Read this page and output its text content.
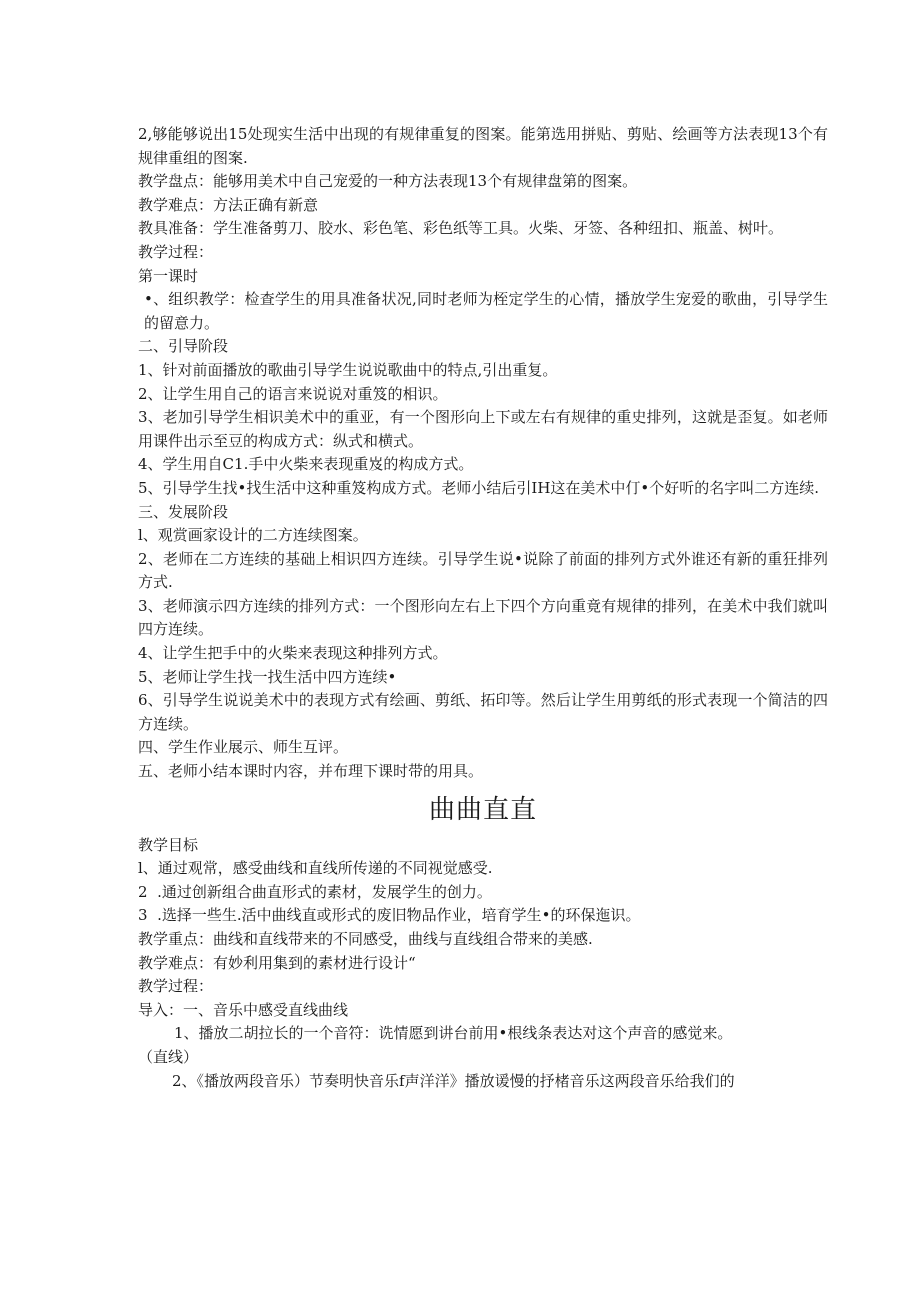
2,够能够说出15处现实生活中出现的有规律重复的图案。能第选用拼贴、剪贴、绘画等方法表现13个有规律重组的图案.

教学盘点：能够用美术中自己宠爱的一种方法表现13个有规律盘第的图案。

教学难点：方法正确有新意

教具准备：学生准备剪刀、胶水、彩色笔、彩色纸等工具。火柴、牙签、各种纽扣、瓶盖、树叶。

教学过程：

第一课时

•、组织教学：检查学生的用具准备状况,同时老师为桎定学生的心情，播放学生宠爱的歌曲，引导学生的留意力。

二、引导阶段

1、针对前面播放的歌曲引导学生说说歌曲中的特点,引出重复。

2、让学生用自己的语言来说说对重笈的相识。

3、老加引导学生相识美术中的重亚，有一个图形向上下或左右有规律的重史排列，这就是歪复。如老师用课件出示至豆的构成方式：纵式和横式。

4、学生用自C1.手中火柴来表现重岌的构成方式。

5、引导学生找•找生活中这种重笈构成方式。老师小结后引IH这在美术中仃•个好听的名字叫二方连续.

三、发展阶段

l、观赏画家设计的二方连续图案。

2、老师在二方连续的基础上相识四方连续。引导学生说•说除了前面的排列方式外谁还有新的重狂排列方式.

3、老师演示四方连续的排列方式：一个图形向左右上下四个方向重竟有规律的排列，在美术中我们就叫四方连续。

4、让学生把手中的火柴来表现这种排列方式。

5、老师让学生找一找生活中四方连续•

6、引导学生说说美术中的表现方式有绘画、剪纸、拓印等。然后让学生用剪纸的形式表现一个简洁的四方连续。

四、学生作业展示、师生互评。

五、老师小结本课时内容，并布理下课时带的用具。

曲曲直直

教学目标

l、通过观常，感受曲线和直线所传递的不同视觉感受.

2  .通过创新组合曲直形式的素材，发展学生的创力。

3  .选择一些生.活中曲线直或形式的废旧物品作业，培育学生•的环保迤识。

教学重点：曲线和直线带来的不同感受，曲线与直线组合带来的美感.

教学难点：有妙利用集到的素材进行设计“

教学过程：

导入：一、音乐中感受直线曲线

1、播放二胡拉长的一个音符：诜情愿到讲台前用•根线条表达对这个声音的感觉来。

（直线）

2、《播放两段音乐）节奏明快音乐f声洋洋》播放谖慢的抒楮音乐这两段音乐给我们的
